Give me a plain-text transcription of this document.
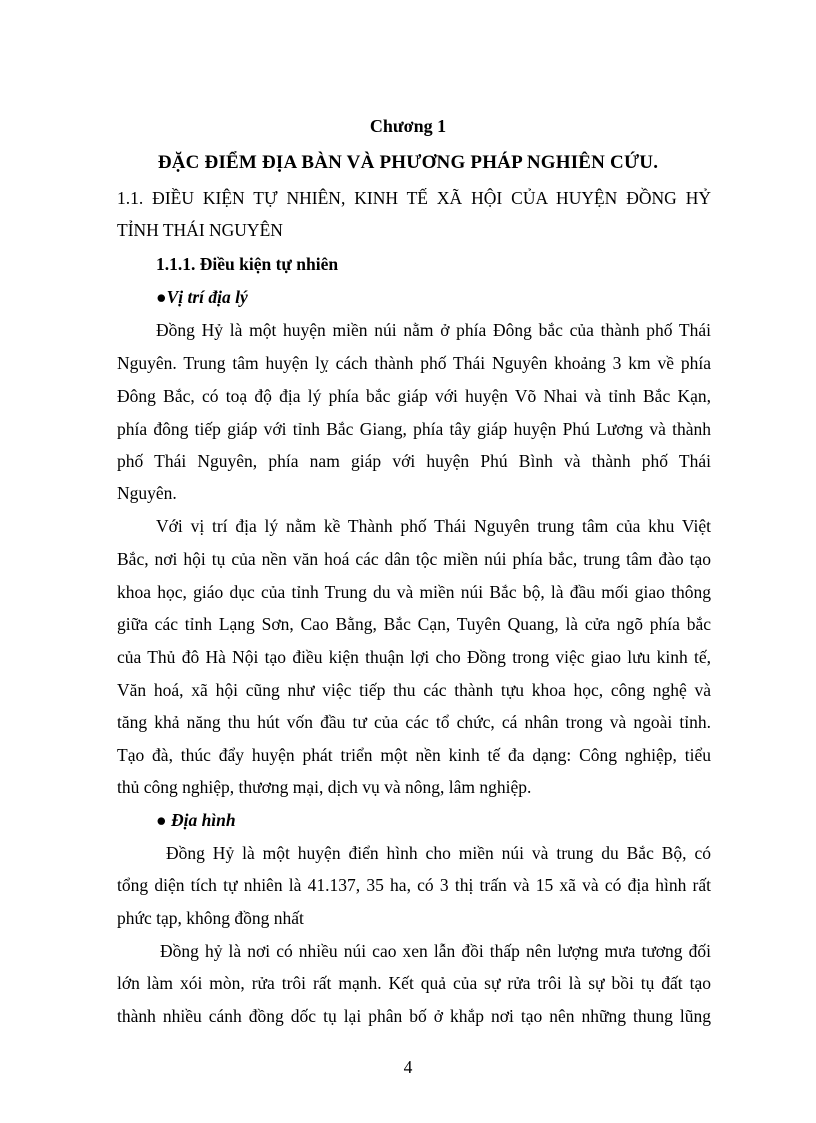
Chương 1
ĐẶC ĐIỂM ĐỊA BÀN VÀ PHƯƠNG PHÁP NGHIÊN CỨU.
1.1. ĐIỀU KIỆN TỰ NHIÊN, KINH TẾ XÃ HỘI CỦA HUYỆN ĐỒNG HỶ
TỈNH THÁI NGUYÊN
1.1.1. Điều kiện tự nhiên
●Vị trí địa lý
Đồng Hỷ là một huyện miền núi nằm ở phía Đông bắc của thành phố Thái
Nguyên. Trung tâm huyện lỵ cách thành phố Thái Nguyên khoảng 3 km về phía
Đông Bắc, có toạ độ địa lý phía bắc giáp với huyện Võ Nhai và tỉnh Bắc Kạn,
phía đông tiếp giáp với tỉnh Bắc Giang, phía tây giáp huyện Phú Lương và thành
phố Thái Nguyên, phía nam giáp với huyện Phú Bình và thành phố Thái
Nguyên.
Với vị trí địa lý nằm kề Thành phố Thái Nguyên trung tâm của khu Việt
Bắc, nơi hội tụ của nền văn hoá các dân tộc miền núi phía bắc, trung tâm đào tạo
khoa học, giáo dục của tỉnh Trung du và miền núi Bắc bộ, là đầu mối giao thông
giữa các tỉnh Lạng Sơn, Cao Bằng, Bắc Cạn, Tuyên Quang, là cửa ngõ phía bắc
của Thủ đô Hà Nội tạo điều kiện thuận lợi cho Đồng trong việc giao lưu kinh tế,
Văn hoá, xã hội cũng như việc tiếp thu các thành tựu khoa học, công nghệ và
tăng khả năng thu hút vốn đầu tư của các tổ chức, cá nhân trong và ngoài tỉnh.
Tạo đà, thúc đẩy huyện phát triển một nền kinh tế đa dạng: Công nghiệp, tiểu
thủ công nghiệp, thương mại, dịch vụ và nông, lâm nghiệp.
● Địa hình
Đồng Hỷ là một huyện điển hình cho miền núi và trung du Bắc Bộ, có
tổng diện tích tự nhiên là 41.137, 35 ha, có 3 thị trấn và 15 xã và có địa hình rất
phức tạp, không đồng nhất
Đồng hỷ là nơi có nhiều núi cao xen lẫn đồi thấp nên lượng mưa tương đối
lớn làm xói mòn, rửa trôi rất mạnh. Kết quả của sự rửa trôi là sự bồi tụ đất tạo
thành nhiều cánh đồng dốc tụ lại phân bố ở khắp nơi tạo nên những thung lũng
4
